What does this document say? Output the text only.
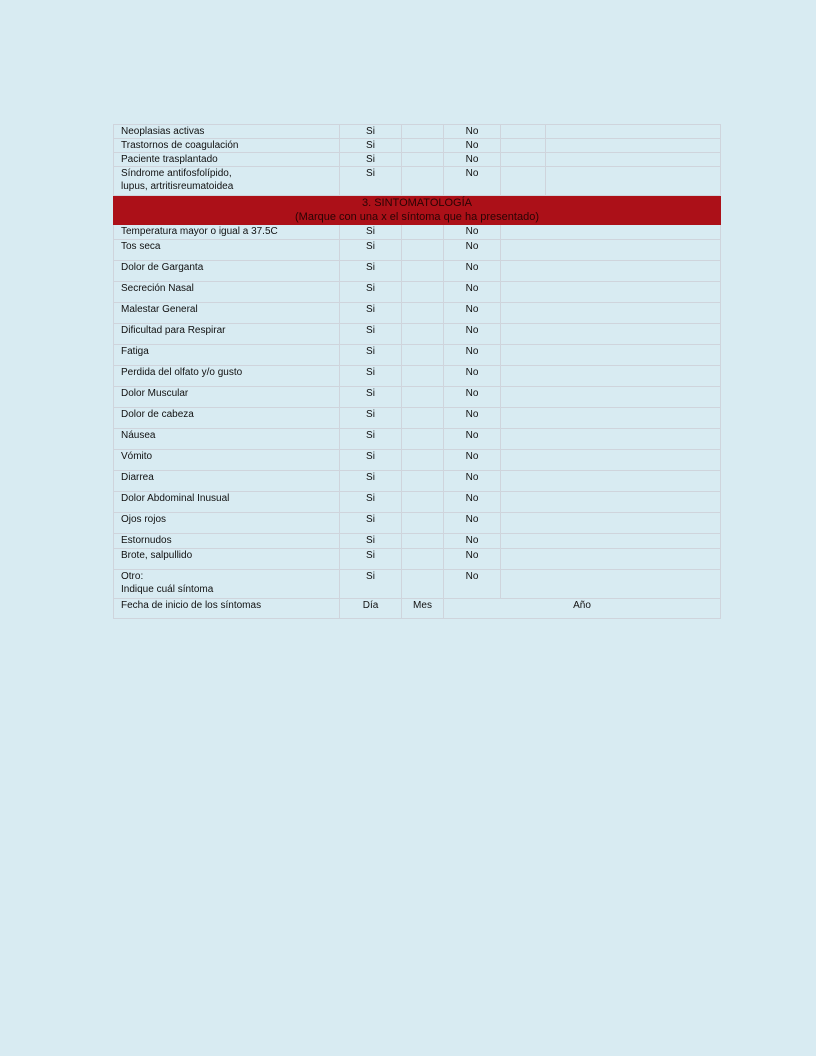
Neoplasias activas	Si		No		
Trastornos de coagulación	Si		No		
Paciente trasplantado	Si		No		
Síndrome antifosfolípido,
lupus, artritisreumatoidea	Si		No		

3. SINTOMATOLOGÍA
(Marque con una x el síntoma que ha presentado)					

Temperatura mayor o igual a 37.5C	Si		No		
Tos seca	Si		No		
Dolor de Garganta	Si		No		
Secreción Nasal	Si		No		
Malestar General	Si		No		
Dificultad para Respirar	Si		No		
Fatiga	Si		No		
Perdida del olfato y/o gusto	Si		No		
Dolor Muscular	Si		No		
Dolor de cabeza	Si		No		
Náusea	Si		No		
Vómito	Si		No		
Diarrea	Si		No		
Dolor Abdominal Inusual	Si		No		
Ojos rojos	Si		No		
Estornudos	Si		No		
Brote, salpullido	Si		No		
Otro:
Indique cuál síntoma	Si		No		
Fecha de inicio de los síntomas	Día	Mes	Año		
